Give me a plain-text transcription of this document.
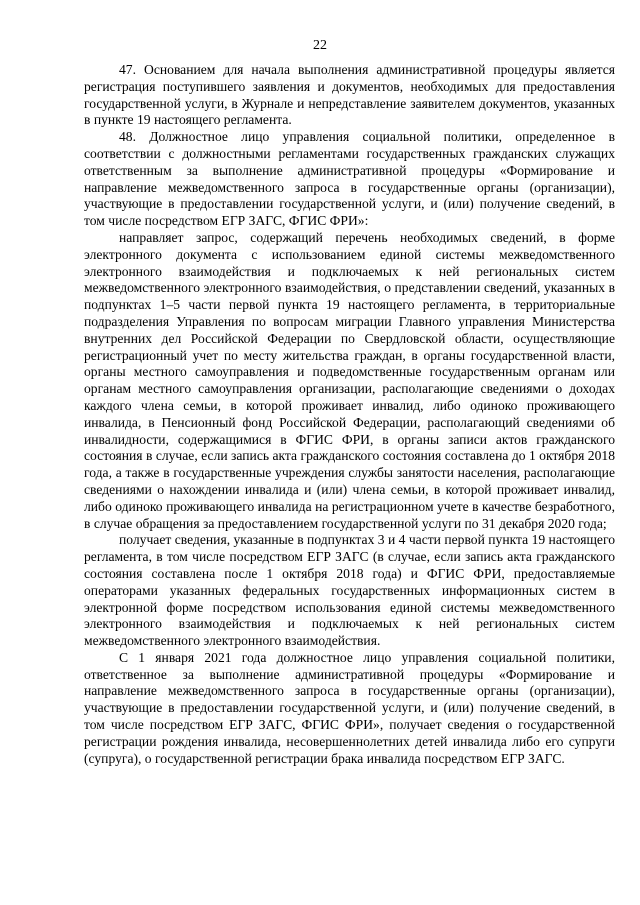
22

47. Основанием для начала выполнения административной процедуры является регистрация поступившего заявления и документов, необходимых для предоставления государственной услуги, в Журнале и непредставление заявителем документов, указанных в пункте 19 настоящего регламента.

48. Должностное лицо управления социальной политики, определенное в соответствии с должностными регламентами государственных гражданских служащих ответственным за выполнение административной процедуры «Формирование и направление межведомственного запроса в государственные органы (организации), участвующие в предоставлении государственной услуги, и (или) получение сведений, в том числе посредством ЕГР ЗАГС, ФГИС ФРИ»:

направляет запрос, содержащий перечень необходимых сведений, в форме электронного документа с использованием единой системы межведомственного электронного взаимодействия и подключаемых к ней региональных систем межведомственного электронного взаимодействия, о представлении сведений, указанных в подпунктах 1–5 части первой пункта 19 настоящего регламента, в территориальные подразделения Управления по вопросам миграции Главного управления Министерства внутренних дел Российской Федерации по Свердловской области, осуществляющие регистрационный учет по месту жительства граждан, в органы государственной власти, органы местного самоуправления и подведомственные государственным органам или органам местного самоуправления организации, располагающие сведениями о доходах каждого члена семьи, в которой проживает инвалид, либо одиноко проживающего инвалида, в Пенсионный фонд Российской Федерации, располагающий сведениями об инвалидности, содержащимися в ФГИС ФРИ, в органы записи актов гражданского состояния в случае, если запись акта гражданского состояния составлена до 1 октября 2018 года, а также в государственные учреждения службы занятости населения, располагающие сведениями о нахождении инвалида и (или) члена семьи, в которой проживает инвалид, либо одиноко проживающего инвалида на регистрационном учете в качестве безработного, в случае обращения за предоставлением государственной услуги по 31 декабря 2020 года;

получает сведения, указанные в подпунктах 3 и 4 части первой пункта 19 настоящего регламента, в том числе посредством ЕГР ЗАГС (в случае, если запись акта гражданского состояния составлена после 1 октября 2018 года) и ФГИС ФРИ, предоставляемые операторами указанных федеральных государственных информационных систем в электронной форме посредством использования единой системы межведомственного электронного взаимодействия и подключаемых к ней региональных систем межведомственного электронного взаимодействия.

С 1 января 2021 года должностное лицо управления социальной политики, ответственное за выполнение административной процедуры «Формирование и направление межведомственного запроса в государственные органы (организации), участвующие в предоставлении государственной услуги, и (или) получение сведений, в том числе посредством ЕГР ЗАГС, ФГИС ФРИ», получает сведения о государственной регистрации рождения инвалида, несовершеннолетних детей инвалида либо его супруги (супруга), о государственной регистрации брака инвалида посредством ЕГР ЗАГС.
